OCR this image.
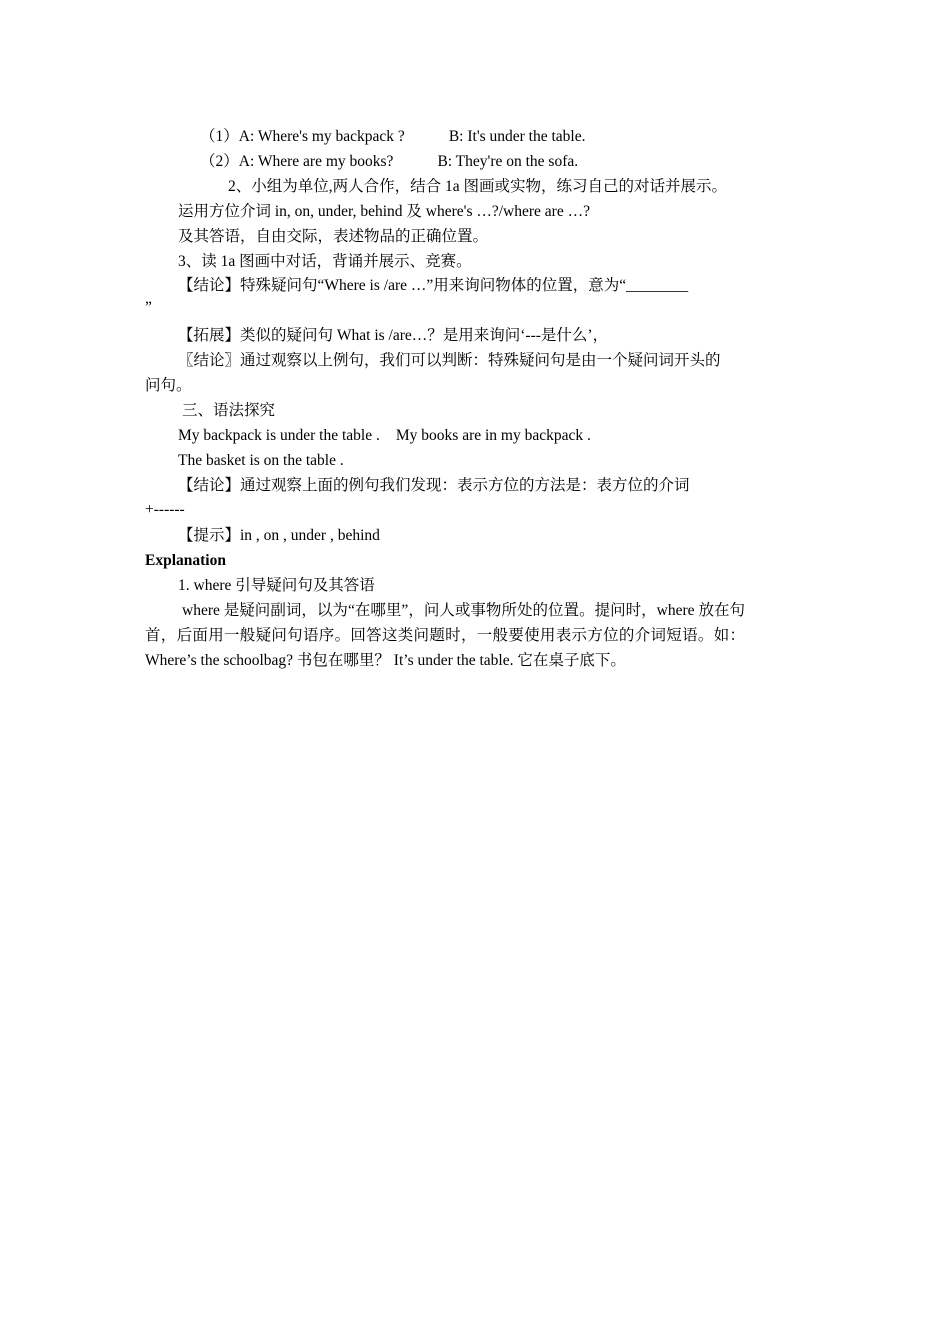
（1）A: Where's my backpack ?	B: It's under the table.
（2）A: Where are my books?	B: They're on the sofa.
2、小组为单位,两人合作，结合 1a 图画或实物，练习自己的对话并展示。
运用方位介词 in, on, under, behind 及 where's …?/where are …?
及其答语，自由交际，表述物品的正确位置。
3、读 1a 图画中对话，背诵并展示、竞赛。
【结论】特殊疑问句“Where is /are …”用来询问物体的位置，意为“________
”
【拓展】类似的疑问句 What is /are…？是用来询问‘---是什么’，
〖结论〗通过观察以上例句，我们可以判断：特殊疑问句是由一个疑问词开头的
问句。
三、语法探究
My backpack is under the table . My books are in my backpack .
The basket is on the table .
【结论】通过观察上面的例句我们发现：表示方位的方法是：表方位的介词
+------
【提示】in , on , under , behind
Explanation
1. where 引导疑问句及其答语
where 是疑问副词，以为“在哪里”，问人或事物所处的位置。提问时，where 放在句首，后面用一般疑问句语序。回答这类问题时，一般要使用表示方位的介词短语。如：Where’s the schoolbag? 书包在哪里？ It’s under the table. 它在桌子底下。
